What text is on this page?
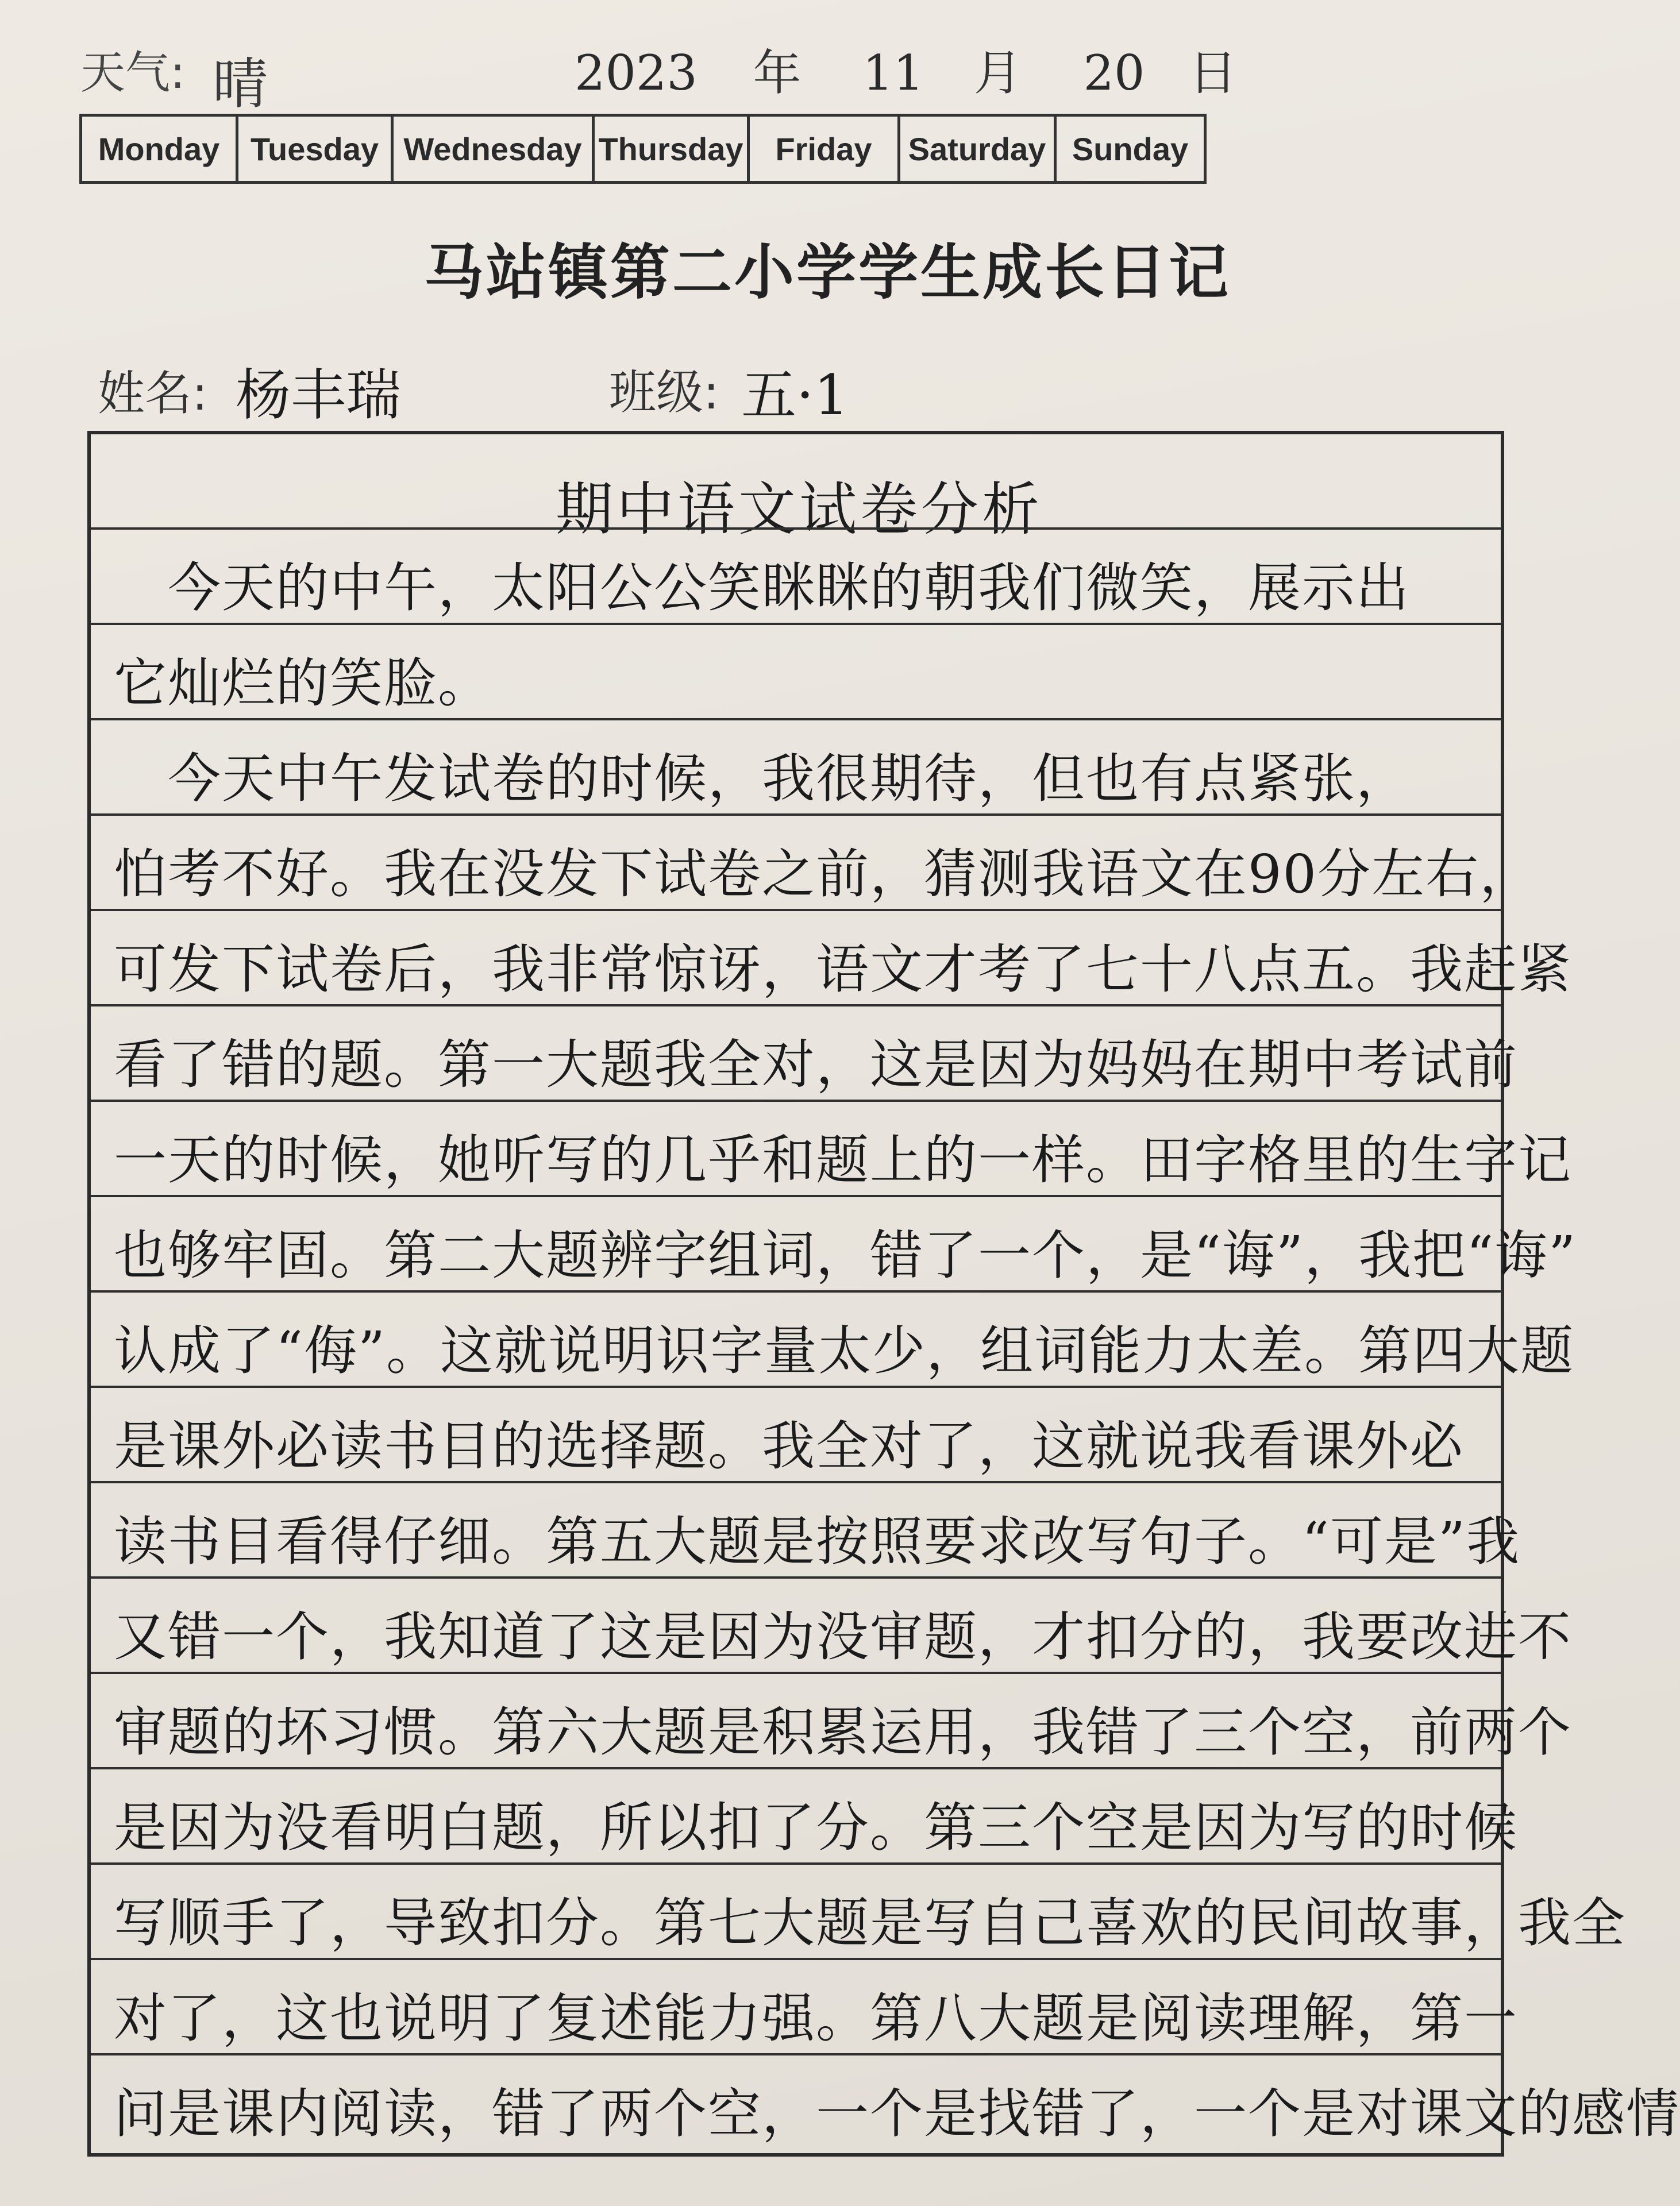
天气: 晴	2023 年 11 月 20 日
Monday Tuesday Wednesday Thursday Friday	Saturday Sunday
马站镇第二小学学生成长日记
姓名: 杨丰瑞	班级: 五·1
期中语文试卷分析
　今天的中午，太阳公公笑眯眯的朝我们微笑，展示出
它灿烂的笑脸。
　今天中午发试卷的时候，我很期待，但也有点紧张，
怕考不好。我在没发下试卷之前，猜测我语文在90分左右，
可发下试卷后，我非常惊讶，语文才考了七十八点五。我赶紧
看了错的题。第一大题我全对，这是因为妈妈在期中考试前
一天的时候，她听写的几乎和题上的一样。田字格里的生字记
也够牢固。第二大题辨字组词，错了一个，是“诲”，我把“诲”
认成了“侮”。这就说明识字量太少，组词能力太差。第四大题
是课外必读书目的选择题。我全对了，这就说我看课外必
读书目看得仔细。第五大题是按照要求改写句子。“可是”我
又错一个，我知道了这是因为没审题，才扣分的，我要改进不
审题的坏习惯。第六大题是积累运用，我错了三个空，前两个
是因为没看明白题，所以扣了分。第三个空是因为写的时候
写顺手了，导致扣分。第七大题是写自己喜欢的民间故事，我全
对了，这也说明了复述能力强。第八大题是阅读理解，第一
问是课内阅读，错了两个空，一个是找错了，一个是对课文的感情
